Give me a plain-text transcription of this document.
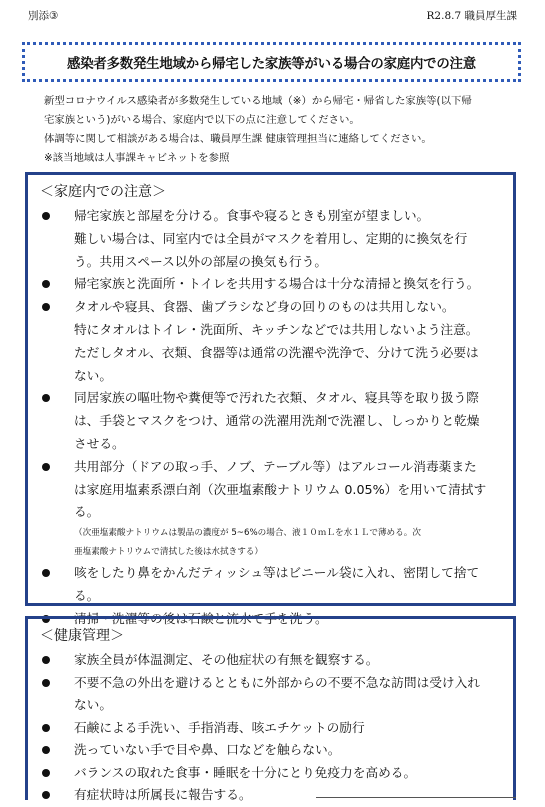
別添③	R2.8.7 職員厚生課
感染者多数発生地域から帰宅した家族等がいる場合の家庭内での注意

新型コロナウイルス感染者が多数発生している地域（※）から帰宅・帰省した家族等(以下帰

宅家族という)がいる場合、家庭内で以下の点に注意してください。

体調等に関して相談がある場合は、職員厚生課 健康管理担当に連絡してください。

※該当地域は人事課キャビネットを参照

＜家庭内での注意＞
帰宅家族と部屋を分ける。食事や寝るときも別室が望ましい。
難しい場合は、同室内では全員がマスクを着用し、定期的に換気を行
う。共用スペース以外の部屋の換気も行う。
帰宅家族と洗面所・トイレを共用する場合は十分な清掃と換気を行う。
タオルや寝具、食器、歯ブラシなど身の回りのものは共用しない。
特にタオルはトイレ・洗面所、キッチンなどでは共用しないよう注意。
ただしタオル、衣類、食器等は通常の洗濯や洗浄で、分けて洗う必要は
ない。
同居家族の嘔吐物や糞便等で汚れた衣類、タオル、寝具等を取り扱う際
は、手袋とマスクをつけ、通常の洗濯用洗剤で洗濯し、しっかりと乾燥
させる。
共用部分（ドアの取っ手、ノブ、テーブル等）はアルコール消毒薬また
は家庭用塩素系漂白剤（次亜塩素酸ナトリウム 0.05%）を用いて清拭す
る。
（次亜塩素酸ナトリウムは製品の濃度が 5~6%の場合、液１０ｍＬを水１Ｌで薄める。次
亜塩素酸ナトリウムで清拭した後は水拭きする）
咳をしたり鼻をかんだティッシュ等はビニール袋に入れ、密閉して捨て
る。
清掃・洗濯等の後は石鹸と流水で手を洗う。
＜健康管理＞
家族全員が体温測定、その他症状の有無を観察する。
不要不急の外出を避けるとともに外部からの不要不急な訪問は受け入れ
ない。
石鹸による手洗い、手指消毒、咳エチケットの励行
洗っていない手で目や鼻、口などを触らない。
バランスの取れた食事・睡眠を十分にとり免疫力を高める。
有症状時は所属長に報告する。
